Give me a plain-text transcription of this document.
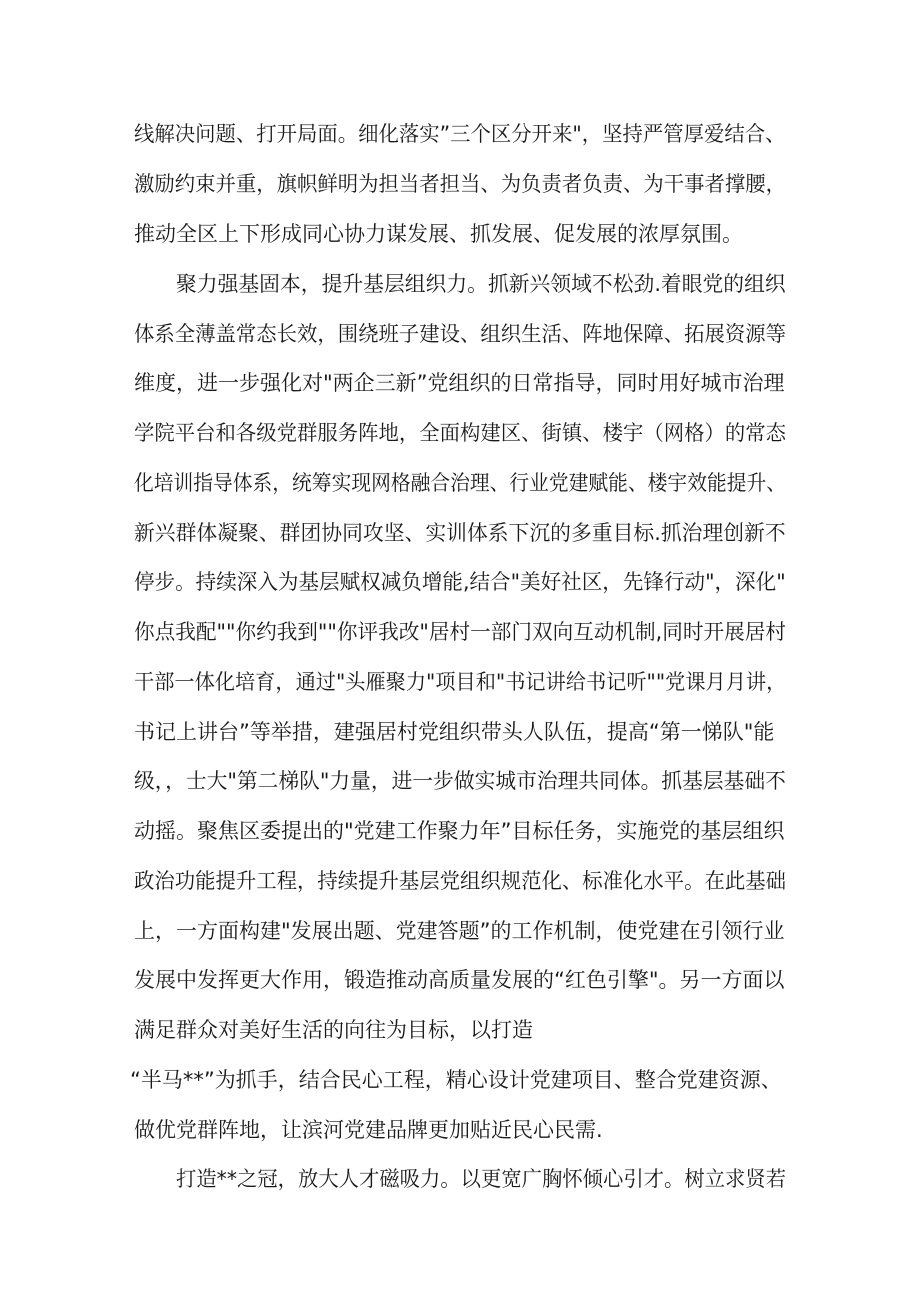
线解决问题、打开局面。细化落实”三个区分开来"，坚持严管厚爱结合、
激励约束并重，旗帜鲜明为担当者担当、为负责者负责、为干事者撑腰，
推动全区上下形成同心协力谋发展、抓发展、促发展的浓厚氛围。
聚力强基固本，提升基层组织力。抓新兴领域不松劲.着眼党的组织
体系全薄盖常态长效，围绕班子建设、组织生活、阵地保障、拓展资源等
维度，进一步强化对"两企三新”党组织的日常指导，同时用好城市治理
学院平台和各级党群服务阵地，全面构建区、街镇、楼宇（网格）的常态
化培训指导体系，统筹实现网格融合治理、行业党建赋能、楼宇效能提升、
新兴群体凝聚、群团协同攻坚、实训体系下沉的多重目标.抓治理创新不
停步。持续深入为基层赋权减负增能,结合"美好社区，先锋行动"，深化"
你点我配""你约我到""你评我改"居村一部门双向互动机制,同时开展居村
干部一体化培育，通过"头雁聚力"项目和"书记讲给书记听""党课月月讲，
书记上讲台”等举措，建强居村党组织带头人队伍，提高“第一悌队"能
级，，士大"第二梯队"力量，进一步做实城市治理共同体。抓基层基础不
动摇。聚焦区委提出的"党建工作聚力年”目标任务，实施党的基层组织
政治功能提升工程，持续提升基层党组织规范化、标准化水平。在此基础
上，一方面构建"发展出题、党建答题”的工作机制，使党建在引领行业
发展中发挥更大作用，锻造推动高质量发展的“红色引擎"。另一方面以
满足群众对美好生活的向往为目标，以打造
“半马**”为抓手，结合民心工程，精心设计党建项目、整合党建资源、
做优党群阵地，让滨河党建品牌更加贴近民心民需.
打造**之冠，放大人才磁吸力。以更宽广胸怀倾心引才。树立求贤若
